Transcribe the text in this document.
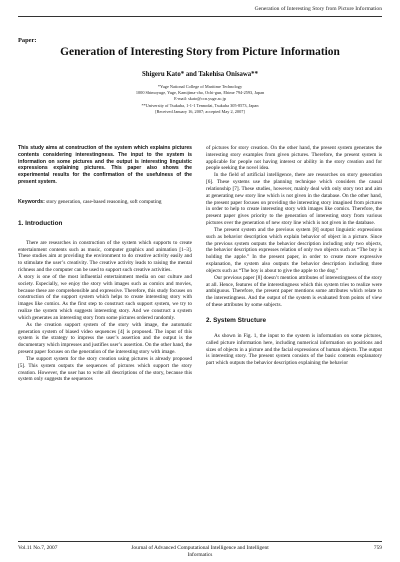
Generation of Interesting Story from Picture Information
Paper:
Generation of Interesting Story from Picture Information
Shigeru Kato* and Takehisa Onisawa**
*Yuge National College of Maritime Technology
1000 Shimoyuge, Yuge, Kamijima-cho, Ochi-gun, Ehime 794-2593, Japan
E-mail: skato@ccn.yuge.ac.jp
**University of Tsukuba, 1-1-1 Tennodai, Tsukuba 305-8573, Japan
[Received January 16, 2007; accepted May 2, 2007]
This study aims at construction of the system which explains pictures contents considering interestingness. The input to the system is information on some pictures and the output is interesting linguistic expressions explaining pictures. This paper also shows the experimental results for the confirmation of the usefulness of the present system.
Keywords: story generation, case-based reasoning, soft computing
1. Introduction

There are researches in construction of the system which supports to create entertainment contents such as music, computer graphics and animation [1–3]. These studies aim at providing the environment to do creative activity easily and to stimulate the user’s creativity. The creative activity leads to raising the mental richness and the computer can be used to support such creative activities.

A story is one of the most influential entertainment media on our culture and society. Especially, we enjoy the story with images such as comics and movies, because these are comprehensible and expressive. Therefore, this study focuses on construction of the support system which helps to create interesting story with images like comics. As the first step to construct such support system, we try to realize the system which suggests interesting story. And we construct a system which generates an interesting story from some pictures ordered randomly.

As the creation support system of the story with image, the automatic generation system of biased video sequences [4] is proposed. The input of this system is the strategy to impress the user’s assertion and the output is the documentary which impresses and justifies user’s assertion. On the other hand, the present paper focuses on the generation of the interesting story with image.

The support system for the story creation using pictures is already proposed [5]. This system outputs the sequences of pictures which support the story creation. However, the user has to write all descriptions of the story, because this system only suggests the sequences

of pictures for story creation. On the other hand, the present system generates the interesting story examples from given pictures. Therefore, the present system is applicable for people not having interest or ability in the story creation and for people seeking the novel idea.

In the field of artificial intelligence, there are researches on story generation [6]. These systems use the planning technique which considers the causal relationship [7]. These studies, however, mainly deal with only story text and aim at generating new story line which is not given in the database. On the other hand, the present paper focuses on providing the interesting story imagined from pictures in order to help to create interesting story with images like comics. Therefore, the present paper gives priority to the generation of interesting story from various pictures over the generation of new story line which is not given in the database.

The present system and the previous system [8] output linguistic expressions such as behavior description which explain behavior of object in a picture. Since the previous system outputs the behavior description including only two objects, the behavior description expresses relation of only two objects such as “The boy is holding the apple.” In the present paper, in order to create more expressive explanation, the system also outputs the behavior description including three objects such as “The boy is about to give the apple to the dog.”

Our previous paper [8] doesn’t mention attributes of interestingness of the story at all. Hence, features of the interestingness which this system tries to realize were ambiguous. Therefore, the present paper mentions some attributes which relate to the interestingness. And the output of the system is evaluated from points of view of these attributes by some subjects.

2. System Structure

As shown in Fig. 1, the input to the system is information on some pictures, called picture information here, including numerical information on positions and sizes of objects in a picture and the facial expressions of human objects. The output is interesting story. The present system consists of the basic contents explanatory part which outputs the behavior description explaining the behavior

Vol.11 No.7, 2007	Journal of Advanced Computational Intelligence and Intelligent Informatics
759
